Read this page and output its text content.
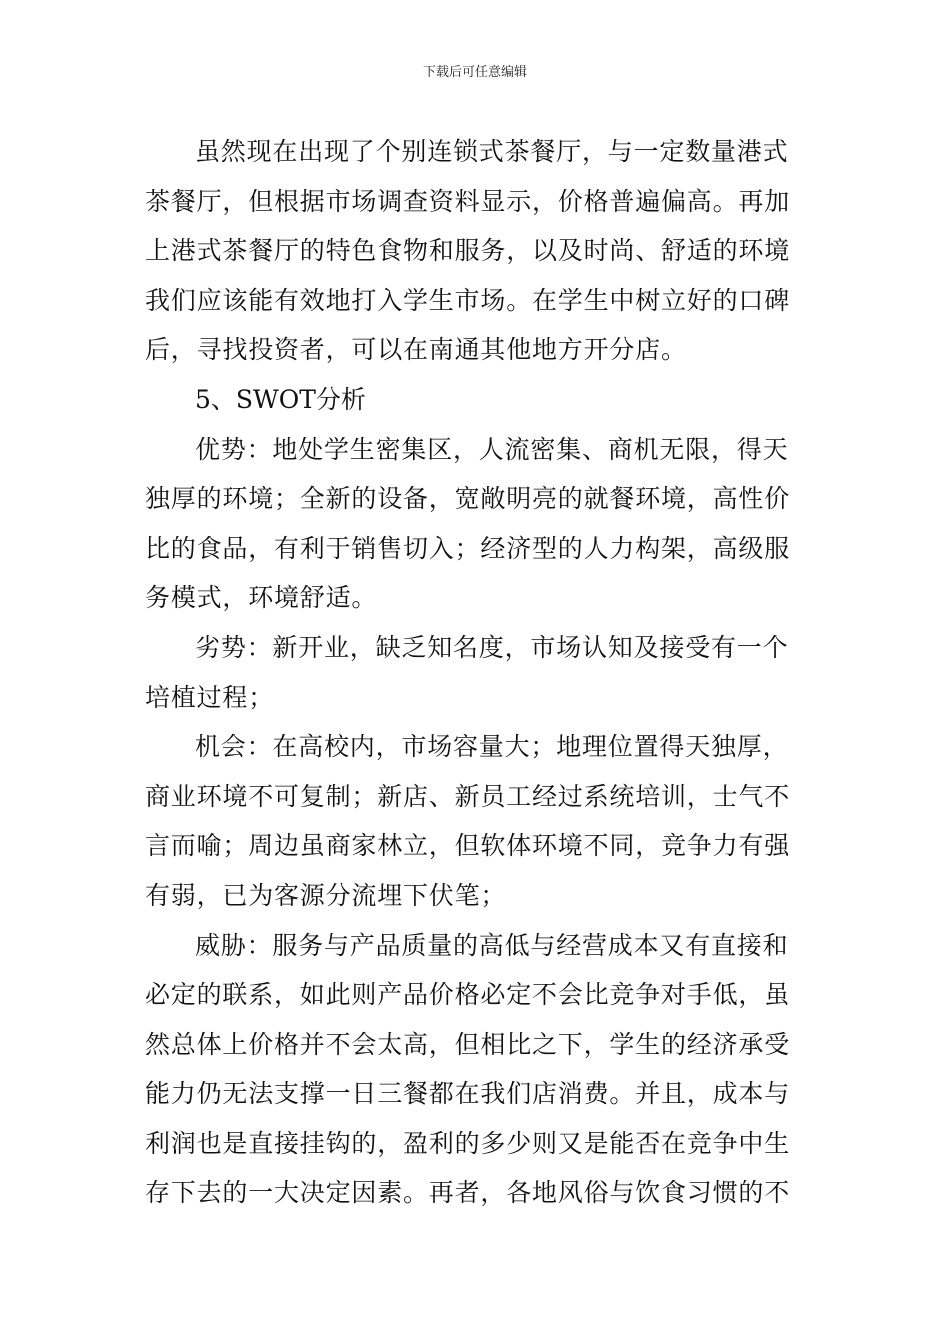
下载后可任意编辑

虽然现在出现了个别连锁式茶餐厅，与一定数量港式
茶餐厅，但根据市场调查资料显示，价格普遍偏高。再加
上港式茶餐厅的特色食物和服务，以及时尚、舒适的环境
我们应该能有效地打入学生市场。在学生中树立好的口碑
后，寻找投资者，可以在南通其他地方开分店。

5、SWOT分析

优势：地处学生密集区，人流密集、商机无限，得天
独厚的环境；全新的设备，宽敞明亮的就餐环境，高性价
比的食品，有利于销售切入；经济型的人力构架，高级服
务模式，环境舒适。

劣势：新开业，缺乏知名度，市场认知及接受有一个
培植过程；

机会：在高校内，市场容量大；地理位置得天独厚，
商业环境不可复制；新店、新员工经过系统培训，士气不
言而喻；周边虽商家林立，但软体环境不同，竞争力有强
有弱，已为客源分流埋下伏笔；

威胁：服务与产品质量的高低与经营成本又有直接和
必定的联系，如此则产品价格必定不会比竞争对手低，虽
然总体上价格并不会太高，但相比之下，学生的经济承受
能力仍无法支撑一日三餐都在我们店消费。并且，成本与
利润也是直接挂钩的，盈利的多少则又是能否在竞争中生
存下去的一大决定因素。再者，各地风俗与饮食习惯的不
